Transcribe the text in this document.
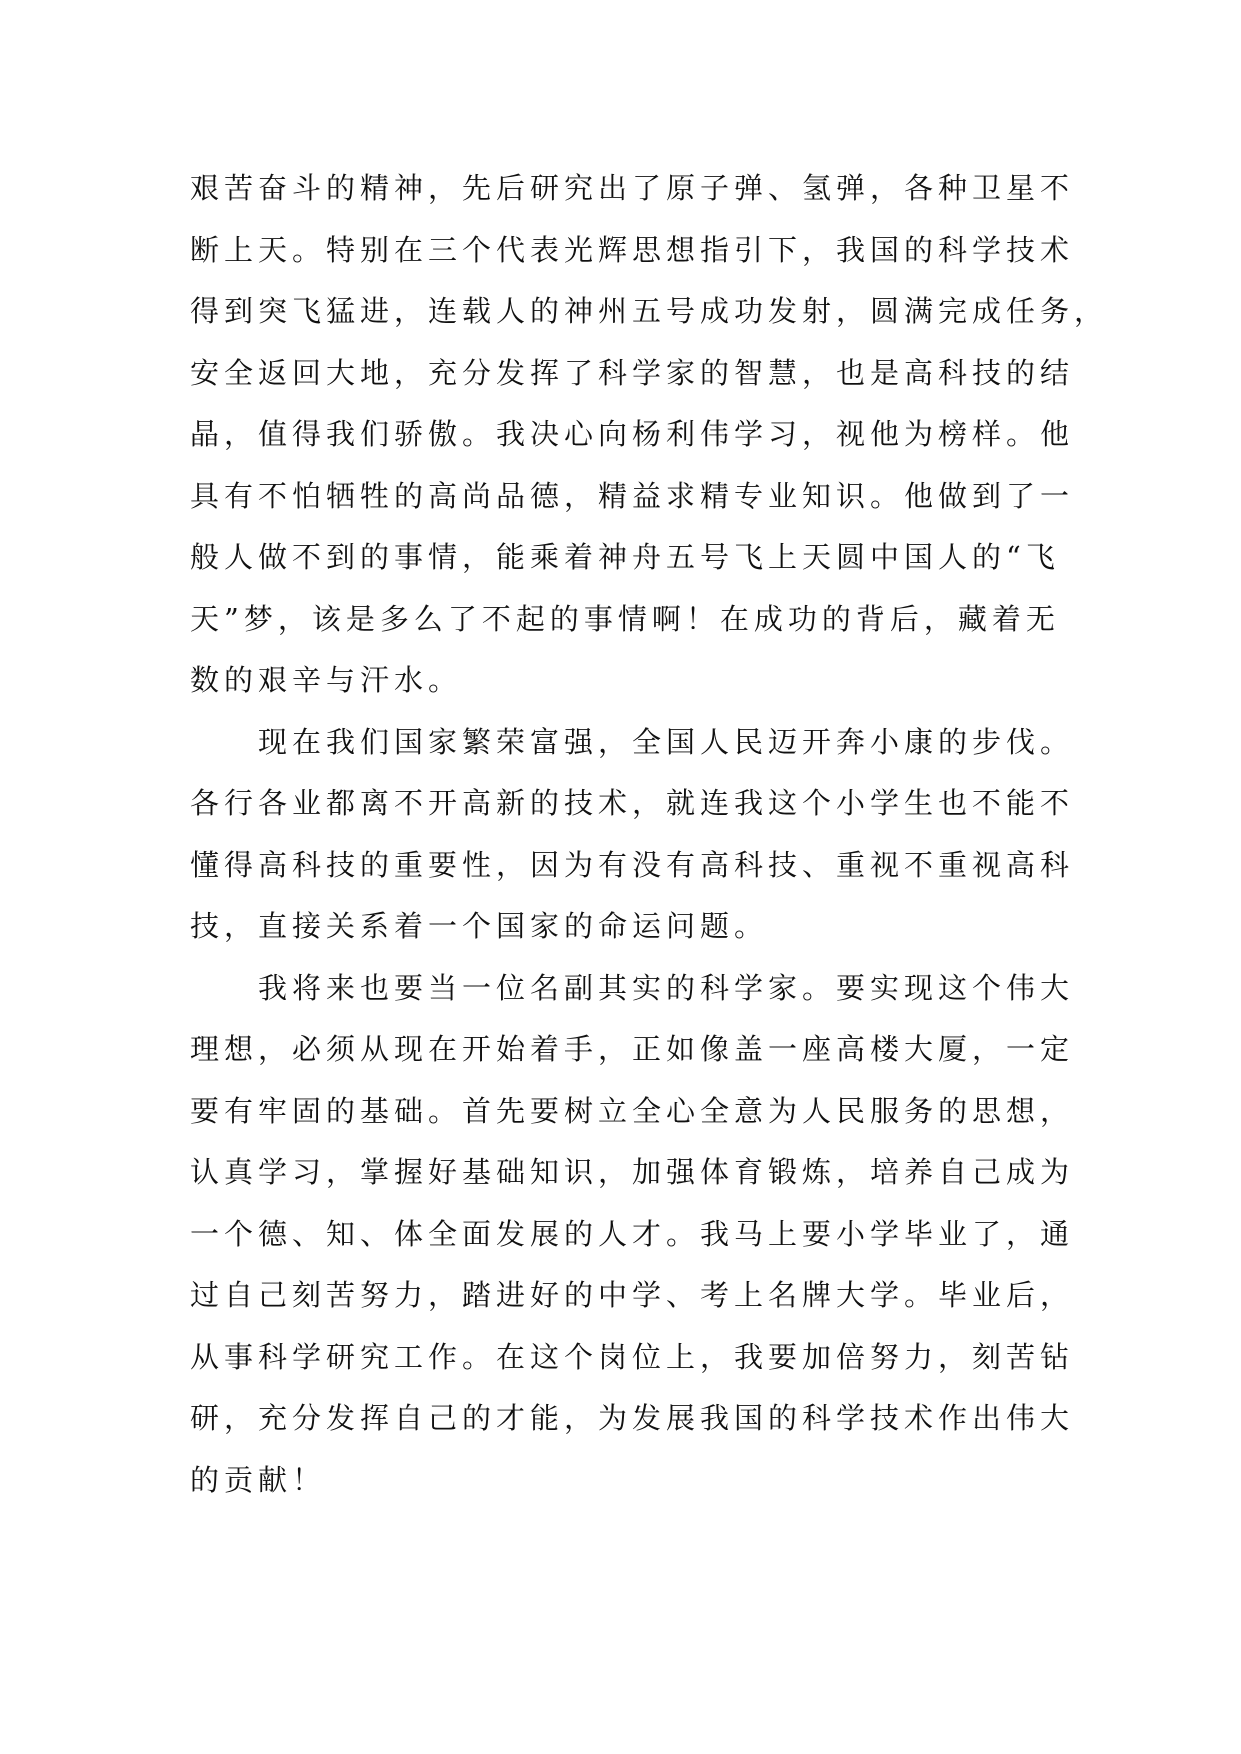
艰苦奋斗的精神，先后研究出了原子弹、氢弹，各种卫星不
断上天。特别在三个代表光辉思想指引下，我国的科学技术
得到突飞猛进，连载人的神州五号成功发射，圆满完成任务，
安全返回大地，充分发挥了科学家的智慧，也是高科技的结
晶，值得我们骄傲。我决心向杨利伟学习，视他为榜样。他
具有不怕牺牲的高尚品德，精益求精专业知识。他做到了一
般人做不到的事情，能乘着神舟五号飞上天圆中国人的“飞
天”梦，该是多么了不起的事情啊！在成功的背后，藏着无
数的艰辛与汗水。
现在我们国家繁荣富强，全国人民迈开奔小康的步伐。
各行各业都离不开高新的技术，就连我这个小学生也不能不
懂得高科技的重要性，因为有没有高科技、重视不重视高科
技，直接关系着一个国家的命运问题。
我将来也要当一位名副其实的科学家。要实现这个伟大
理想，必须从现在开始着手，正如像盖一座高楼大厦，一定
要有牢固的基础。首先要树立全心全意为人民服务的思想，
认真学习，掌握好基础知识，加强体育锻炼，培养自己成为
一个德、知、体全面发展的人才。我马上要小学毕业了，通
过自己刻苦努力，踏进好的中学、考上名牌大学。毕业后，
从事科学研究工作。在这个岗位上，我要加倍努力，刻苦钻
研，充分发挥自己的才能，为发展我国的科学技术作出伟大
的贡献！
